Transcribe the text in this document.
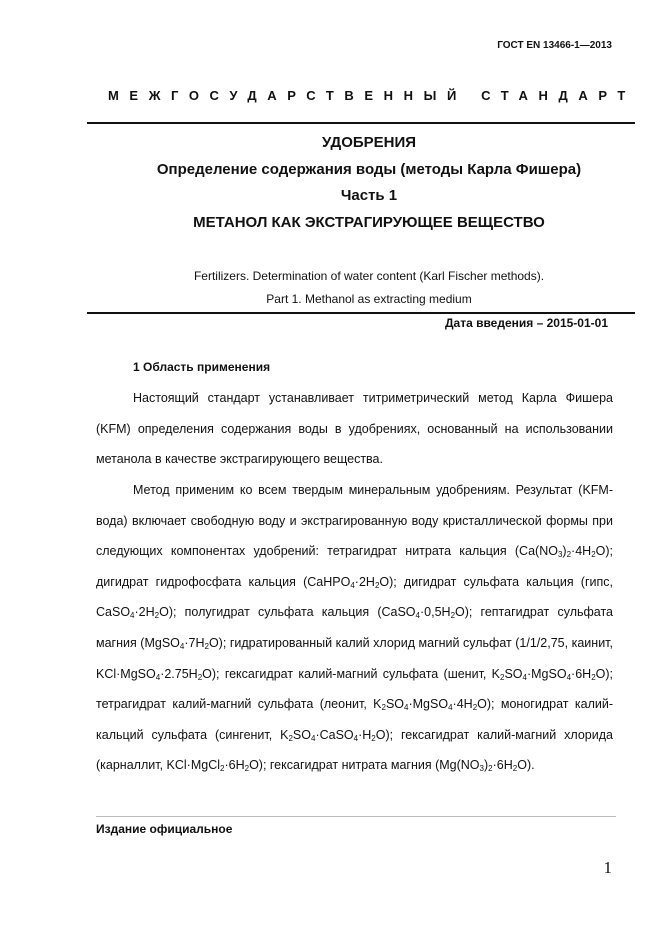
ГОСТ EN 13466-1—2013
МЕЖГОСУДАРСТВЕННЫЙ СТАНДАРТ
УДОБРЕНИЯ
Определение содержания воды (методы Карла Фишера)
Часть 1
МЕТАНОЛ КАК ЭКСТРАГИРУЮЩЕЕ ВЕЩЕСТВО
Fertilizers. Determination of water content (Karl Fischer methods).
Part 1. Methanol as extracting medium
Дата введения – 2015-01-01
1 Область применения
Настоящий стандарт устанавливает титриметрический метод Карла Фишера (KFM) определения содержания воды в удобрениях, основанный на использовании метанола в качестве экстрагирующего вещества.
Метод применим ко всем твердым минеральным удобрениям. Результат (KFM-вода) включает свободную воду и экстрагированную воду кристаллической формы при следующих компонентах удобрений: тетрагидрат нитрата кальция $(Ca(NO_3)_2\cdot 4H_2O)$; дигидрат гидрофосфата кальция $(CaHPO_4\cdot 2H_2O)$; дигидрат сульфата кальция (гипс, $CaSO_4\cdot 2H_2O$); полугидрат сульфата кальция $(CaSO_4\cdot 0,5H_2O)$; гептагидрат сульфата магния $(MgSO_4\cdot 7H_2O)$; гидратированный калий хлорид магний сульфат (1/1/2,75, каинит, $KCl\cdot MgSO_4\cdot 2.75H_2O$); гексагидрат калий-магний сульфата (шенит, $K_2SO_4\cdot MgSO_4\cdot 6H_2O$); тетрагидрат калий-магний сульфата (леонит, $K_2SO_4\cdot MgSO_4\cdot 4H_2O$); моногидрат калий-кальций сульфата (сингенит, $K_2SO_4\cdot CaSO_4\cdot H_2O$); гексагидрат калий-магний хлорида (карналлит, $KCl\cdot MgCl_2\cdot 6H_2O$); гексагидрат нитрата магния $(Mg(NO_3)_2\cdot 6H_2O)$.
Издание официальное
1
